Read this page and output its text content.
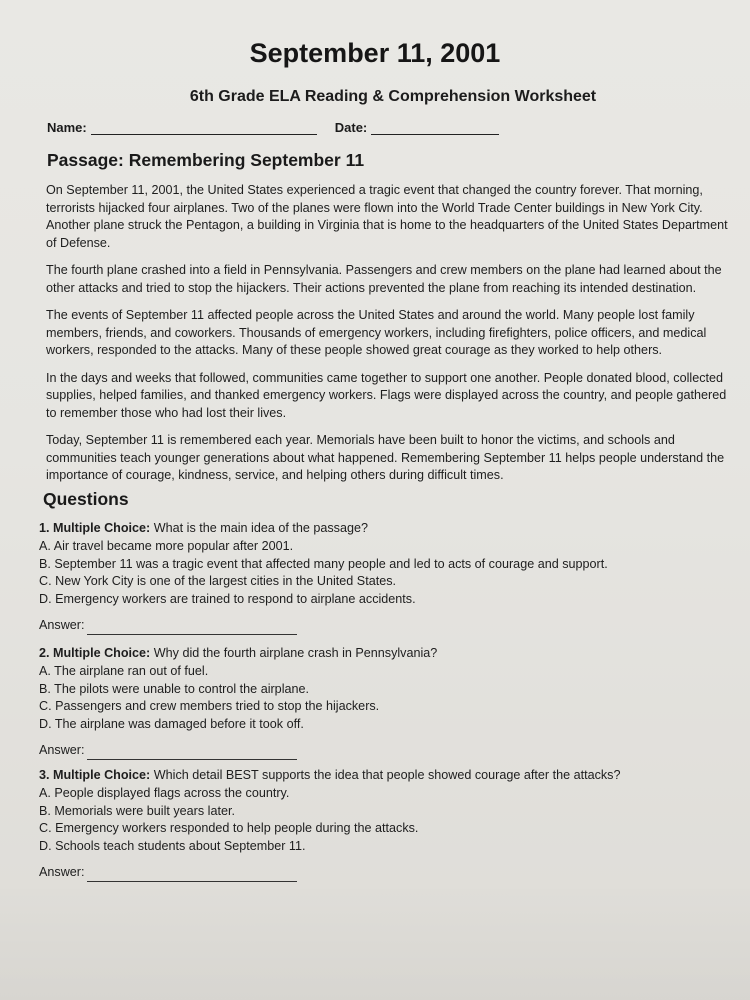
September 11, 2001
6th Grade ELA Reading & Comprehension Worksheet
Name:	Date:
Passage: Remembering September 11

On September 11, 2001, the United States experienced a tragic event that changed the country forever. That morning, terrorists hijacked four airplanes. Two of the planes were flown into the World Trade Center buildings in New York City. Another plane struck the Pentagon, a building in Virginia that is home to the headquarters of the United States Department of Defense.

The fourth plane crashed into a field in Pennsylvania. Passengers and crew members on the plane had learned about the other attacks and tried to stop the hijackers. Their actions prevented the plane from reaching its intended destination.

The events of September 11 affected people across the United States and around the world. Many people lost family members, friends, and coworkers. Thousands of emergency workers, including firefighters, police officers, and medical workers, responded to the attacks. Many of these people showed great courage as they worked to help others.

In the days and weeks that followed, communities came together to support one another. People donated blood, collected supplies, helped families, and thanked emergency workers. Flags were displayed across the country, and people gathered to remember those who had lost their lives.

Today, September 11 is remembered each year. Memorials have been built to honor the victims, and schools and communities teach younger generations about what happened. Remembering September 11 helps people understand the importance of courage, kindness, service, and helping others during difficult times.

Questions
1. Multiple Choice: What is the main idea of the passage?
A. Air travel became more popular after 2001.
B. September 11 was a tragic event that affected many people and led to acts of courage and support.
C. New York City is one of the largest cities in the United States.
D. Emergency workers are trained to respond to airplane accidents.
Answer:
2. Multiple Choice: Why did the fourth airplane crash in Pennsylvania?
A. The airplane ran out of fuel.
B. The pilots were unable to control the airplane.
C. Passengers and crew members tried to stop the hijackers.
D. The airplane was damaged before it took off.
Answer:
3. Multiple Choice: Which detail BEST supports the idea that people showed courage after the attacks?
A. People displayed flags across the country.
B. Memorials were built years later.
C. Emergency workers responded to help people during the attacks.
D. Schools teach students about September 11.
Answer:
